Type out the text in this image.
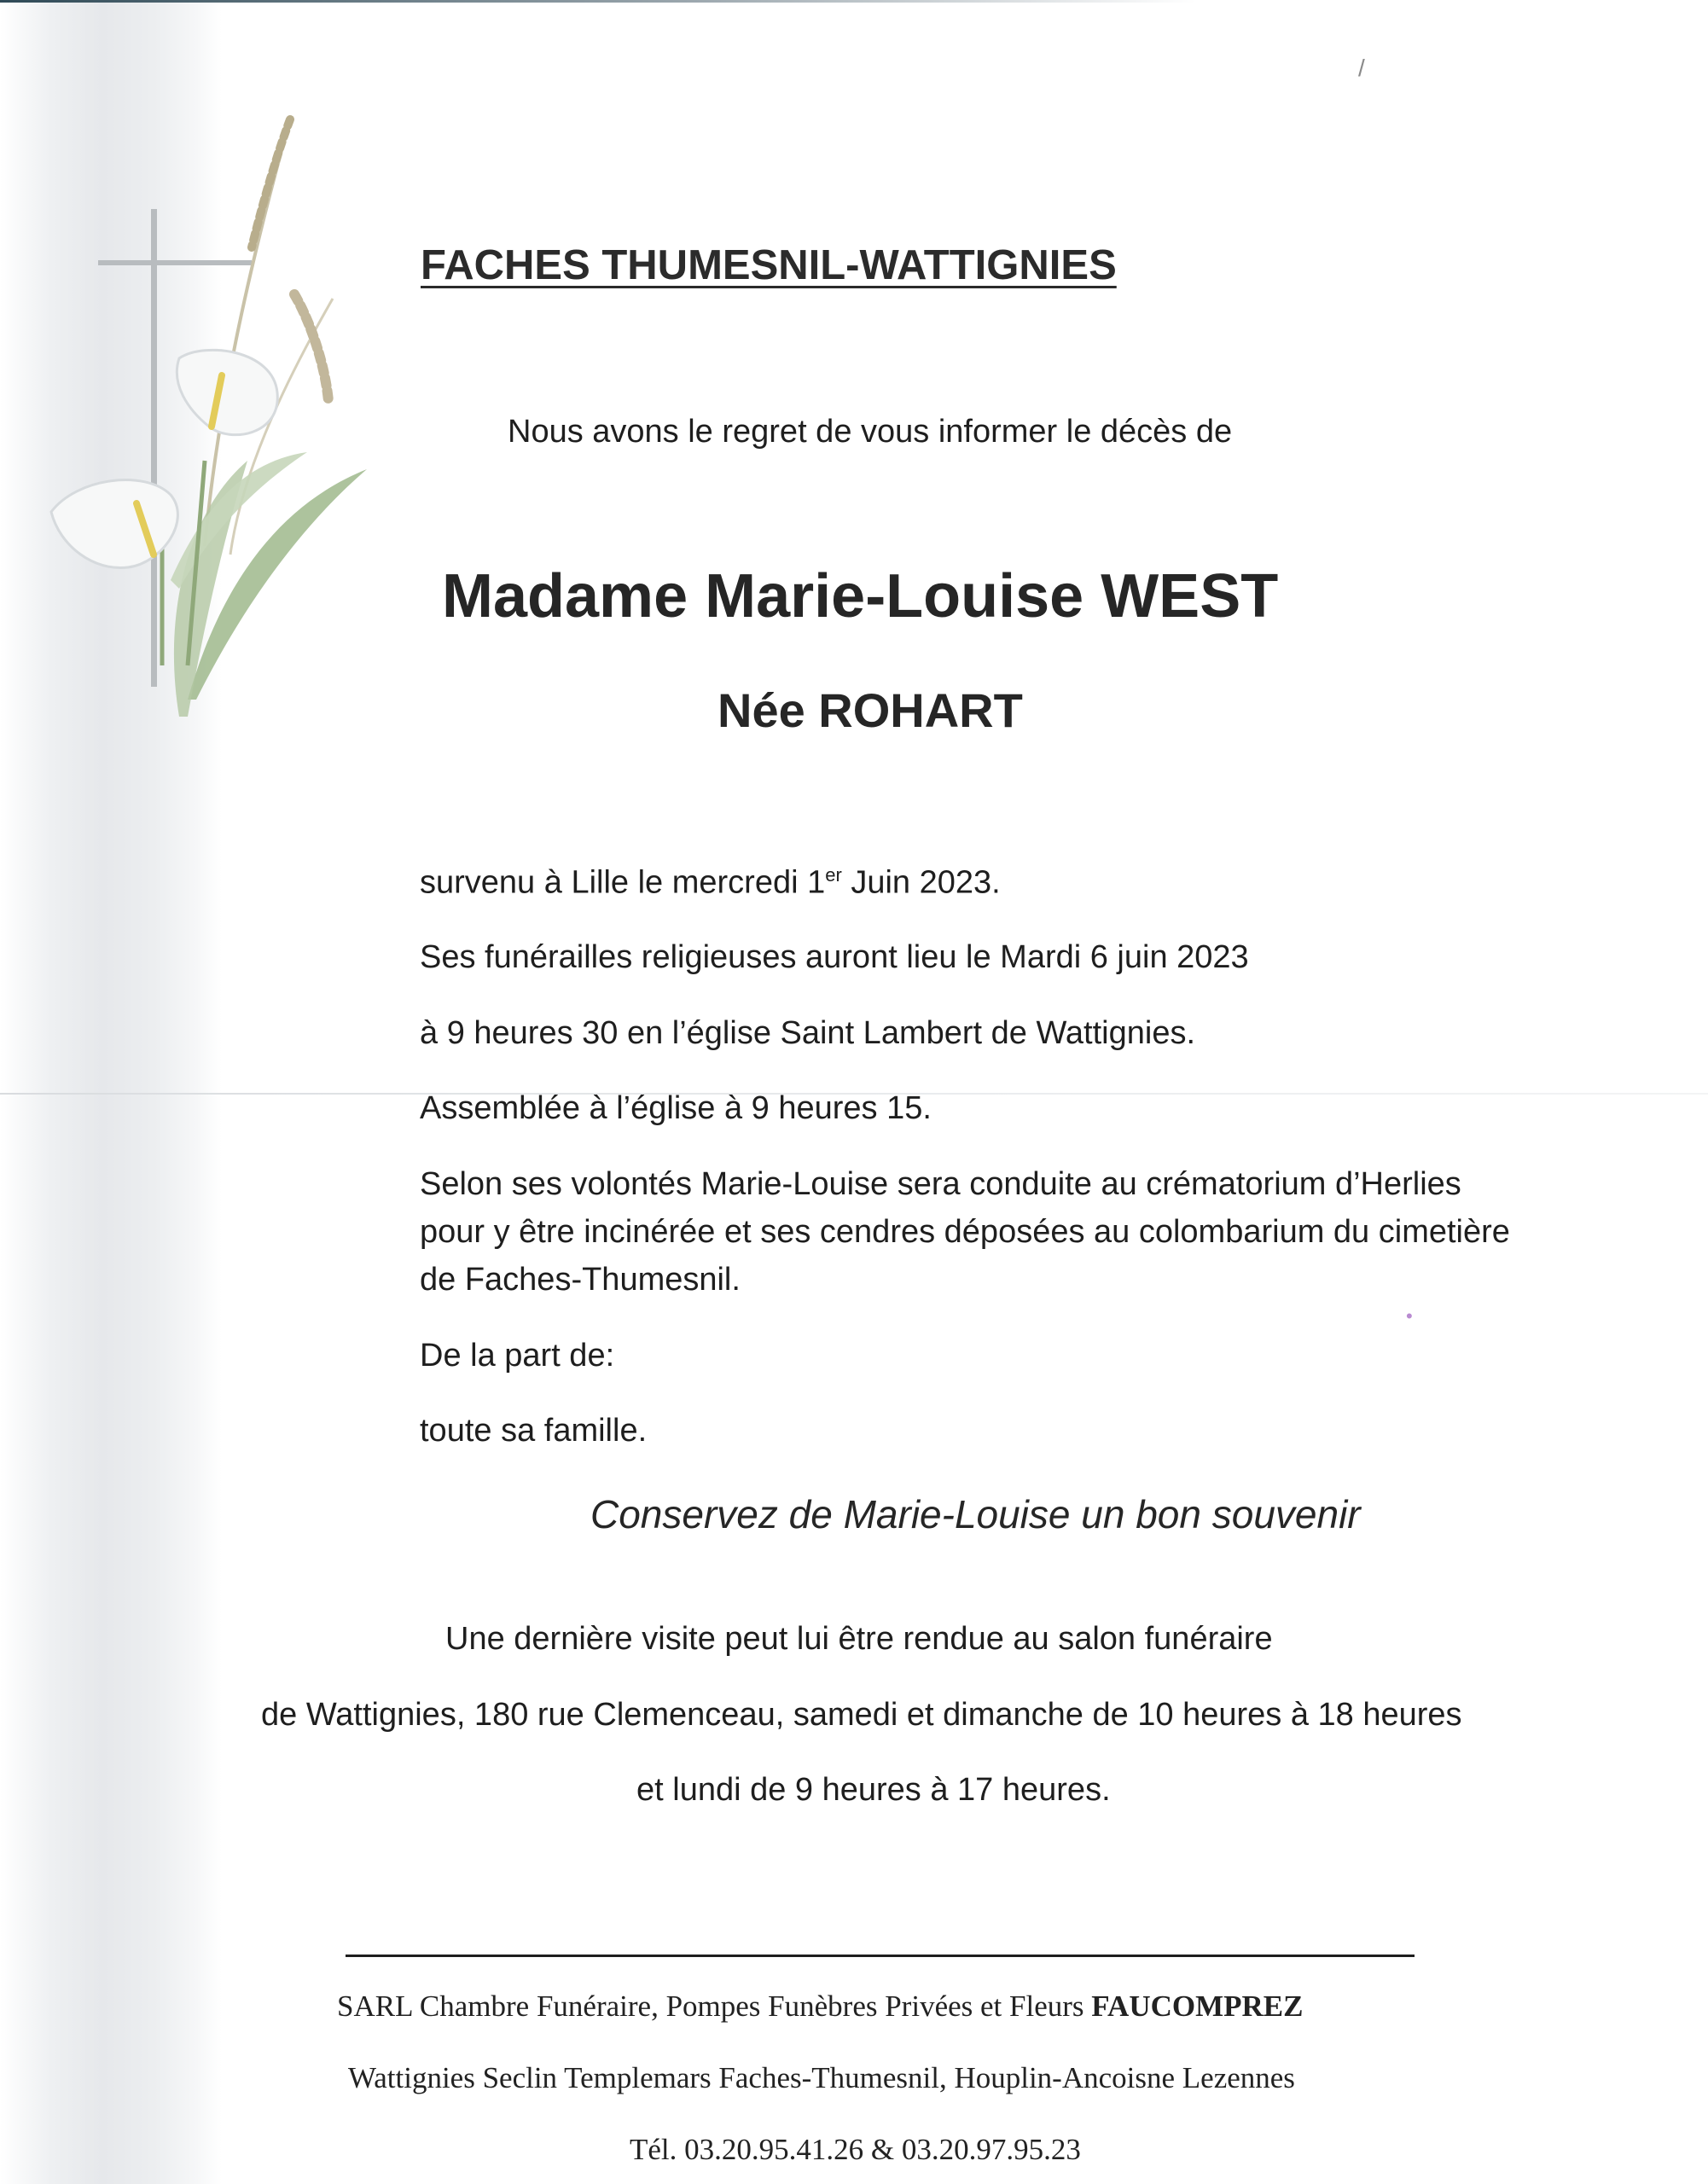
/
•

FACHES THUMESNIL-WATTIGNIES

Nous avons le regret de vous informer le décès de

Madame Marie-Louise WEST

Née ROHART

survenu à Lille le mercredi 1er Juin 2023.

Ses funérailles religieuses auront lieu le Mardi 6 juin 2023

à 9 heures 30 en l’église Saint Lambert de Wattignies.

Assemblée à l’église à 9 heures 15.

Selon ses volontés Marie-Louise sera conduite au crématorium d’Herlies

pour y être incinérée et ses cendres déposées au colombarium du cimetière

de Faches-Thumesnil.

De la part de:

toute sa famille.

Conservez de Marie-Louise un bon souvenir

Une dernière visite peut lui être rendue au salon funéraire

de Wattignies, 180 rue Clemenceau, samedi et dimanche de 10 heures à 18 heures

et lundi de 9 heures à 17 heures.

SARL Chambre Funéraire, Pompes Funèbres Privées et Fleurs FAUCOMPREZ

Wattignies Seclin Templemars Faches-Thumesnil, Houplin-Ancoisne Lezennes

Tél. 03.20.95.41.26 & 03.20.97.95.23
